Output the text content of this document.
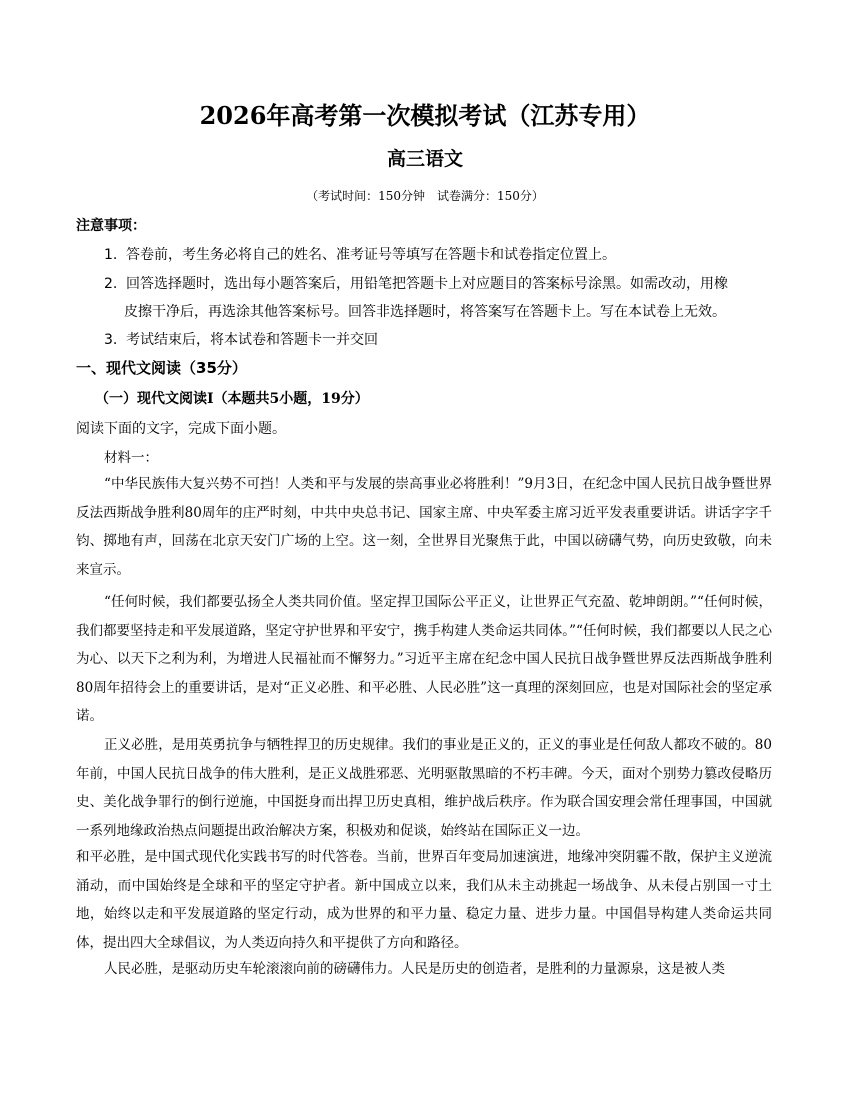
2026年高考第一次模拟考试（江苏专用）
高三语文
（考试时间：150分钟　试卷满分：150分）
注意事项：
1. 答卷前，考生务必将自己的姓名、准考证号等填写在答题卡和试卷指定位置上。
2. 回答选择题时，选出每小题答案后，用铅笔把答题卡上对应题目的答案标号涂黑。如需改动，用橡
皮擦干净后，再选涂其他答案标号。回答非选择题时，将答案写在答题卡上。写在本试卷上无效。
3. 考试结束后，将本试卷和答题卡一并交回
一、现代文阅读（35分）
（一）现代文阅读Ⅰ（本题共5小题，19分）
阅读下面的文字，完成下面小题。
材料一：
“中华民族伟大复兴势不可挡！人类和平与发展的崇高事业必将胜利！”9月3日，在纪念中国人民抗日战争暨世界反法西斯战争胜利80周年的庄严时刻，中共中央总书记、国家主席、中央军委主席习近平发表重要讲话。讲话字字千钧、掷地有声，回荡在北京天安门广场的上空。这一刻，全世界目光聚焦于此，中国以磅礴气势，向历史致敬，向未来宣示。
“任何时候，我们都要弘扬全人类共同价值。坚定捍卫国际公平正义，让世界正气充盈、乾坤朗朗。”“任何时候，我们都要坚持走和平发展道路，坚定守护世界和平安宁，携手构建人类命运共同体。”“任何时候，我们都要以人民之心为心、以天下之利为利，为增进人民福祉而不懈努力。”习近平主席在纪念中国人民抗日战争暨世界反法西斯战争胜利80周年招待会上的重要讲话，是对“正义必胜、和平必胜、人民必胜”这一真理的深刻回应，也是对国际社会的坚定承诺。
正义必胜，是用英勇抗争与牺牲捍卫的历史规律。我们的事业是正义的，正义的事业是任何敌人都攻不破的。80年前，中国人民抗日战争的伟大胜利，是正义战胜邪恶、光明驱散黑暗的不朽丰碑。今天，面对个别势力篡改侵略历史、美化战争罪行的倒行逆施，中国挺身而出捍卫历史真相，维护战后秩序。作为联合国安理会常任理事国，中国就一系列地缘政治热点问题提出政治解决方案，积极劝和促谈，始终站在国际正义一边。
和平必胜，是中国式现代化实践书写的时代答卷。当前，世界百年变局加速演进，地缘冲突阴霾不散，保护主义逆流涌动，而中国始终是全球和平的坚定守护者。新中国成立以来，我们从未主动挑起一场战争、从未侵占别国一寸土地，始终以走和平发展道路的坚定行动，成为世界的和平力量、稳定力量、进步力量。中国倡导构建人类命运共同体，提出四大全球倡议，为人类迈向持久和平提供了方向和路径。
人民必胜，是驱动历史车轮滚滚向前的磅礴伟力。人民是历史的创造者，是胜利的力量源泉，这是被人类
